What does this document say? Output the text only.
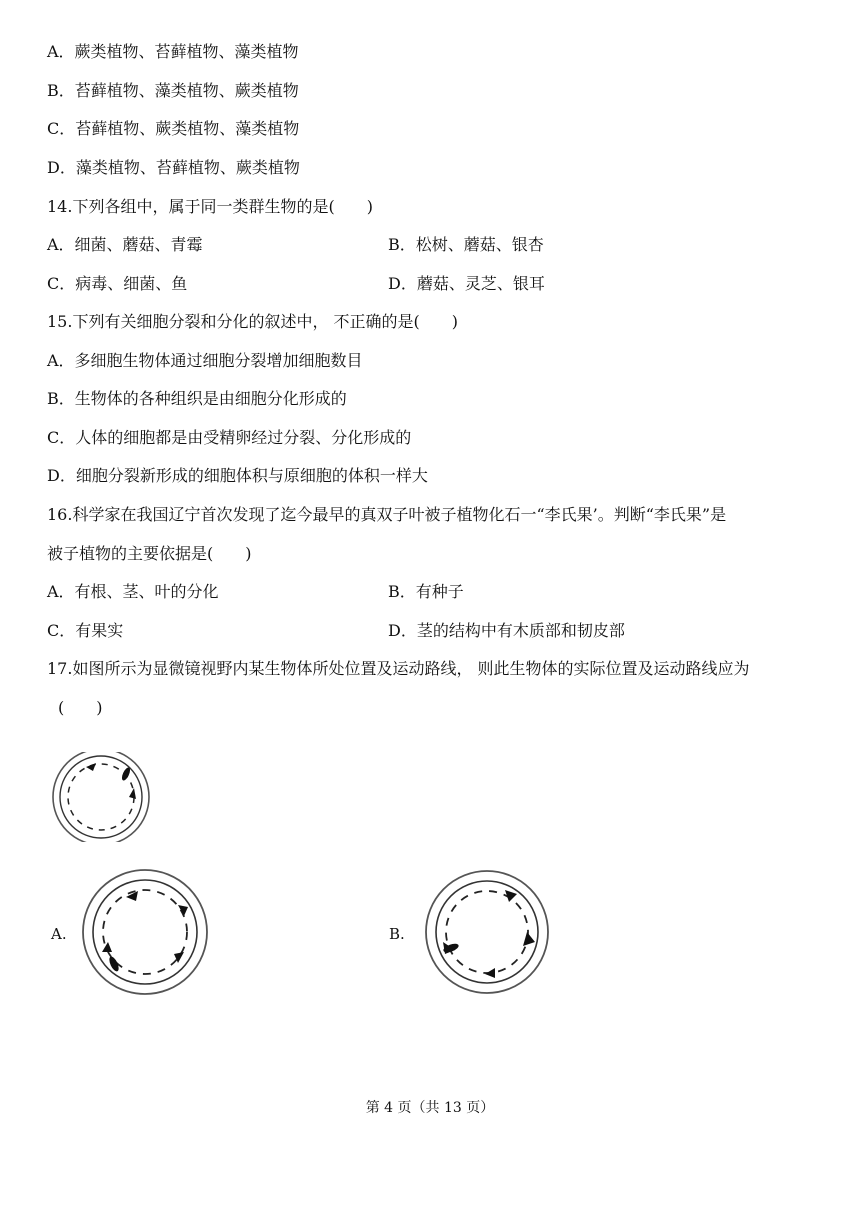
A．蕨类植物、苔藓植物、藻类植物
B．苔藓植物、藻类植物、蕨类植物
C．苔藓植物、蕨类植物、藻类植物
D．藻类植物、苔藓植物、蕨类植物
14.下列各组中，属于同一类群生物的是(　　)
A．细菌、蘑菇、青霉	B．松树、蘑菇、银杏
C．病毒、细菌、鱼	D．蘑菇、灵芝、银耳
15.下列有关细胞分裂和分化的叙述中， 不正确的是(　　)
A．多细胞生物体通过细胞分裂增加细胞数目
B．生物体的各种组织是由细胞分化形成的
C．人体的细胞都是由受精卵经过分裂、分化形成的
D．细胞分裂新形成的细胞体积与原细胞的体积一样大
16.科学家在我国辽宁首次发现了迄今最早的真双子叶被子植物化石一“李氏果’。判断“李氏果”是
被子植物的主要依据是(　　)
A．有根、茎、叶的分化	B．有种子
C．有果实	D．茎的结构中有木质部和韧皮部
17.如图所示为显微镜视野内某生物体所处位置及运动路线， 则此生物体的实际位置及运动路线应为
(　　)
A.	B.
第 4 页（共 13 页）
